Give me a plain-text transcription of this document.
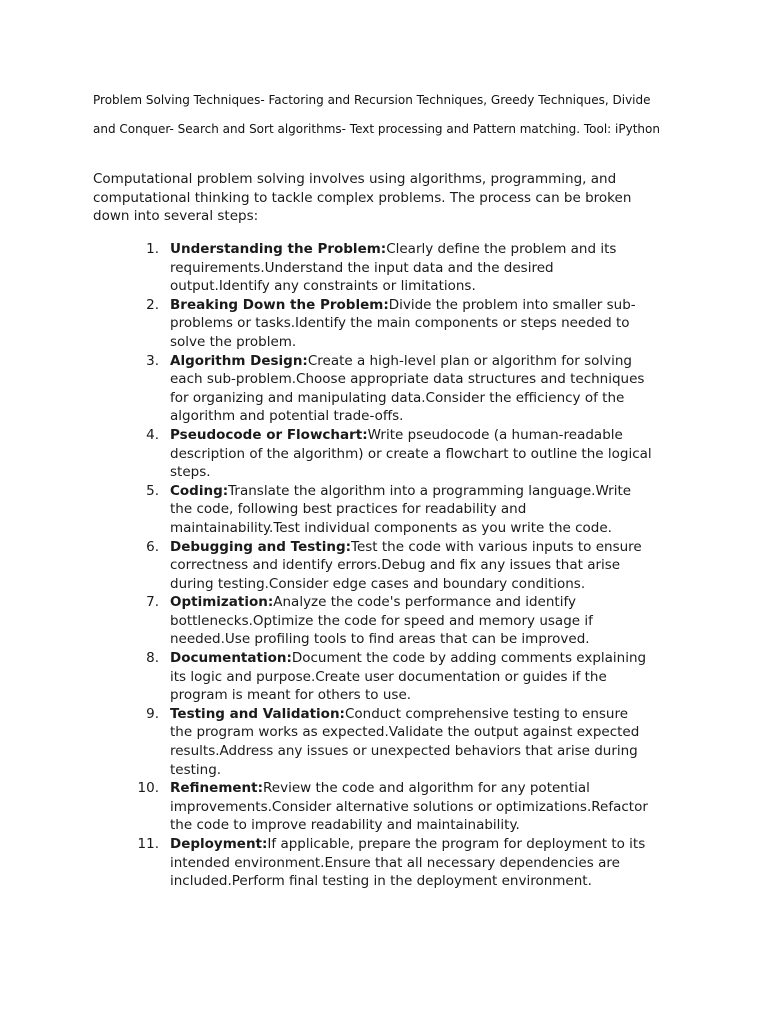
Problem Solving Techniques- Factoring and Recursion Techniques, Greedy Techniques, Divide

and Conquer- Search and Sort algorithms- Text processing and Pattern matching. Tool: iPython

Computational problem solving involves using algorithms, programming, and computational thinking to tackle complex problems. The process can be broken down into several steps:

1. Understanding the Problem:Clearly define the problem and its requirements.Understand the input data and the desired output.Identify any constraints or limitations.
2. Breaking Down the Problem:Divide the problem into smaller sub-problems or tasks.Identify the main components or steps needed to solve the problem.
3. Algorithm Design:Create a high-level plan or algorithm for solving each sub-problem.Choose appropriate data structures and techniques for organizing and manipulating data.Consider the efficiency of the algorithm and potential trade-offs.
4. Pseudocode or Flowchart:Write pseudocode (a human-readable description of the algorithm) or create a flowchart to outline the logical steps.
5. Coding:Translate the algorithm into a programming language.Write the code, following best practices for readability and maintainability.Test individual components as you write the code.
6. Debugging and Testing:Test the code with various inputs to ensure correctness and identify errors.Debug and fix any issues that arise during testing.Consider edge cases and boundary conditions.
7. Optimization:Analyze the code's performance and identify bottlenecks.Optimize the code for speed and memory usage if needed.Use profiling tools to find areas that can be improved.
8. Documentation:Document the code by adding comments explaining its logic and purpose.Create user documentation or guides if the program is meant for others to use.
9. Testing and Validation:Conduct comprehensive testing to ensure the program works as expected.Validate the output against expected results.Address any issues or unexpected behaviors that arise during testing.
10. Refinement:Review the code and algorithm for any potential improvements.Consider alternative solutions or optimizations.Refactor the code to improve readability and maintainability.
11. Deployment:If applicable, prepare the program for deployment to its intended environment.Ensure that all necessary dependencies are included.Perform final testing in the deployment environment.
